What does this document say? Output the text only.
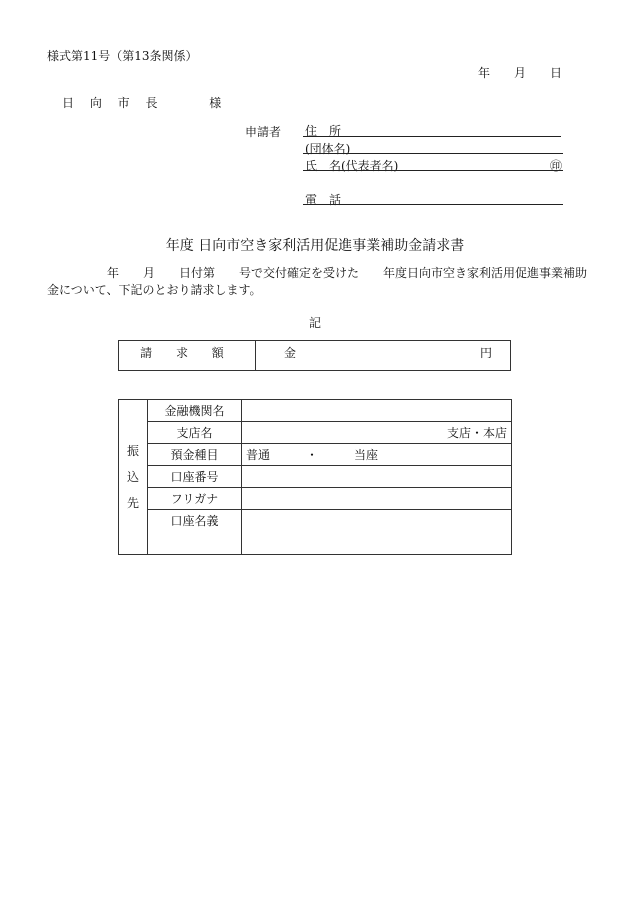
様式第11号（第13条関係）
年　　月　　日
日 向 市 長　　 様
申請者 住　所
(団体名)
氏　名(代表者名)	㊞
電　話
年度 日向市空き家利活用促進事業補助金請求書
　　　　　年　　月　　日付第　　号で交付確定を受けた　　年度日向市空き家利活用促進事業補助金について、下記のとおり請求します。
記
請 求 額	金	円
振
込
先	金融機関名	
	支店名	支店・本店
	預金種目	普通　　　・　　　当座
	口座番号	
	フリガナ	
	口座名義	
